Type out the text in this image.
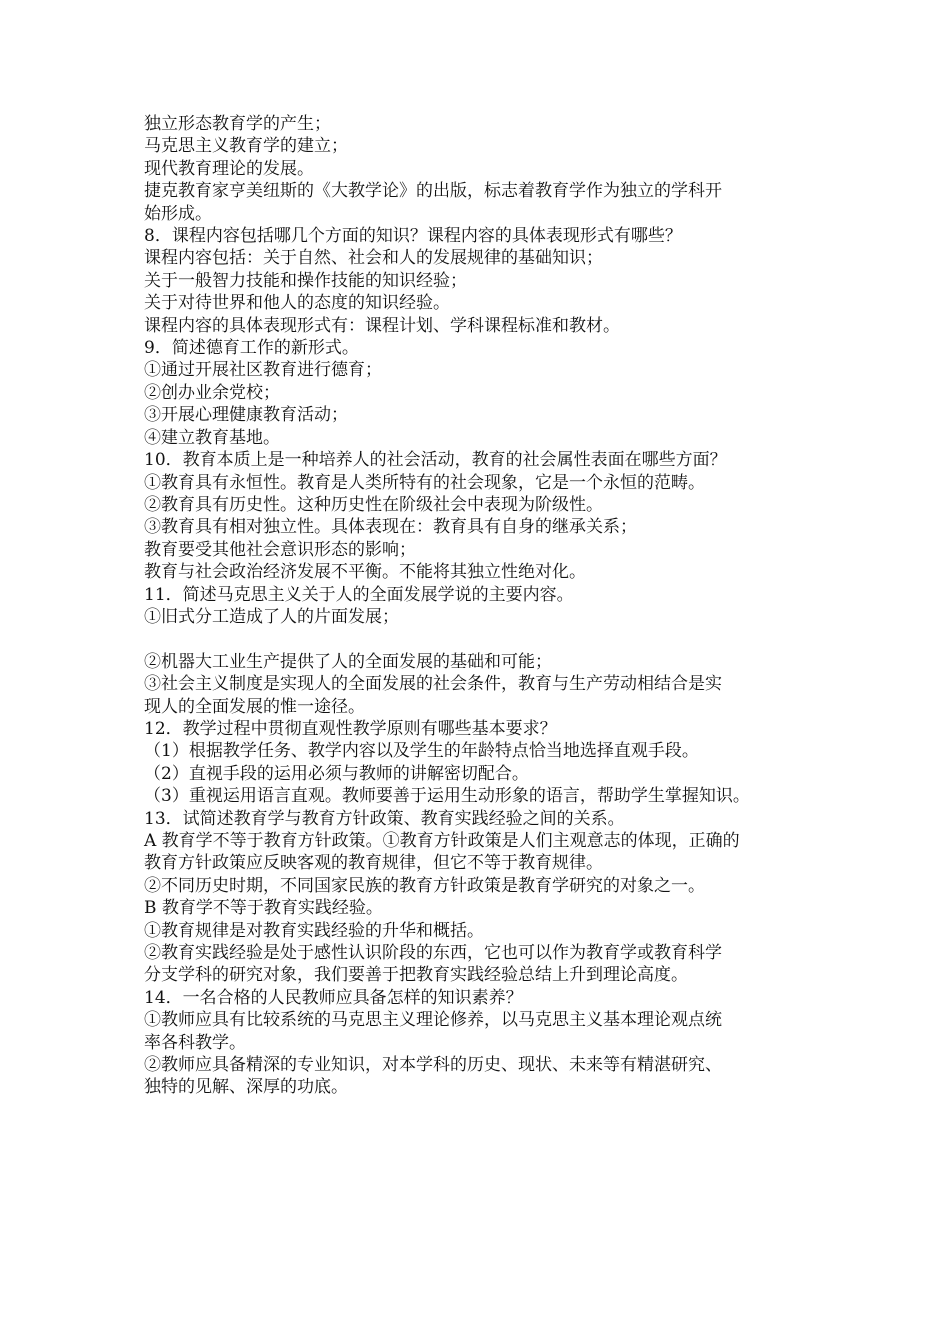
独立形态教育学的产生；
马克思主义教育学的建立；
现代教育理论的发展。
捷克教育家亨美纽斯的《大教学论》的出版，标志着教育学作为独立的学科开
始形成。
8．课程内容包括哪几个方面的知识？课程内容的具体表现形式有哪些？
课程内容包括：关于自然、社会和人的发展规律的基础知识；
关于一般智力技能和操作技能的知识经验；
关于对待世界和他人的态度的知识经验。
课程内容的具体表现形式有：课程计划、学科课程标准和教材。
9．简述德育工作的新形式。
①通过开展社区教育进行德育；
②创办业余党校；
③开展心理健康教育活动；
④建立教育基地。
10．教育本质上是一种培养人的社会活动，教育的社会属性表面在哪些方面？
①教育具有永恒性。教育是人类所特有的社会现象，它是一个永恒的范畴。
②教育具有历史性。这种历史性在阶级社会中表现为阶级性。
③教育具有相对独立性。具体表现在：教育具有自身的继承关系；
教育要受其他社会意识形态的影响；
教育与社会政治经济发展不平衡。不能将其独立性绝对化。
11．简述马克思主义关于人的全面发展学说的主要内容。
①旧式分工造成了人的片面发展；
②机器大工业生产提供了人的全面发展的基础和可能；
③社会主义制度是实现人的全面发展的社会条件，教育与生产劳动相结合是实
现人的全面发展的惟一途径。
12．教学过程中贯彻直观性教学原则有哪些基本要求？
（1）根据教学任务、教学内容以及学生的年龄特点恰当地选择直观手段。
（2）直视手段的运用必须与教师的讲解密切配合。
（3）重视运用语言直观。教师要善于运用生动形象的语言，帮助学生掌握知识。
13．试简述教育学与教育方针政策、教育实践经验之间的关系。
A 教育学不等于教育方针政策。①教育方针政策是人们主观意志的体现，正确的
教育方针政策应反映客观的教育规律，但它不等于教育规律。
②不同历史时期，不同国家民族的教育方针政策是教育学研究的对象之一。
B 教育学不等于教育实践经验。
①教育规律是对教育实践经验的升华和概括。
②教育实践经验是处于感性认识阶段的东西，它也可以作为教育学或教育科学
分支学科的研究对象，我们要善于把教育实践经验总结上升到理论高度。
14．一名合格的人民教师应具备怎样的知识素养？
①教师应具有比较系统的马克思主义理论修养，以马克思主义基本理论观点统
率各科教学。
②教师应具备精深的专业知识，对本学科的历史、现状、未来等有精湛研究、
独特的见解、深厚的功底。
